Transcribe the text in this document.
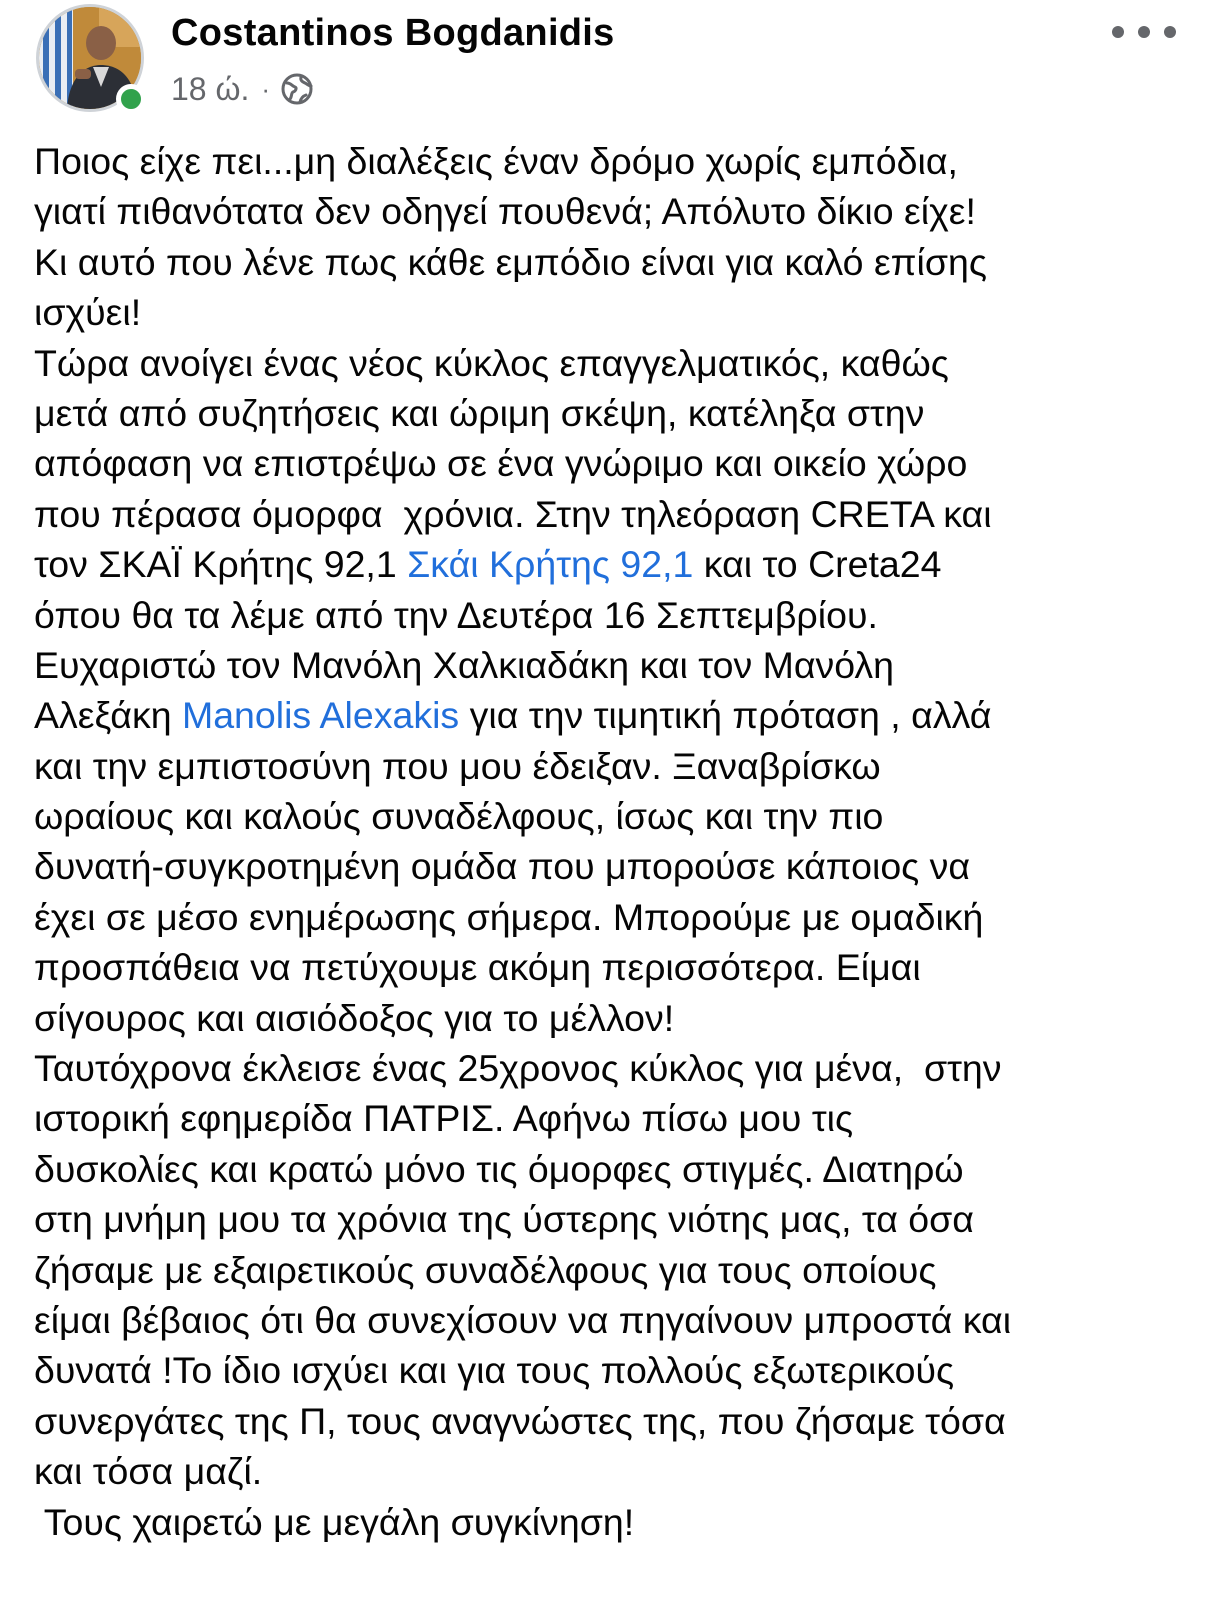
Costantinos Bogdanidis
18 ώ. ·
Ποιος είχε πει...μη διαλέξεις έναν δρόμο χωρίς εμπόδια,
γιατί πιθανότατα δεν οδηγεί πουθενά; Απόλυτο δίκιο είχε!
Κι αυτό που λένε πως κάθε εμπόδιο είναι για καλό επίσης
ισχύει!
Τώρα ανοίγει ένας νέος κύκλος επαγγελματικός, καθώς
μετά από συζητήσεις και ώριμη σκέψη, κατέληξα στην
απόφαση να επιστρέψω σε ένα γνώριμο και οικείο χώρο
που πέρασα όμορφα  χρόνια. Στην τηλεόραση CRETA και
τον ΣΚΑΪ Κρήτης 92,1 Σκάι Κρήτης 92,1 και το Creta24
όπου θα τα λέμε από την Δευτέρα 16 Σεπτεμβρίου.
Ευχαριστώ τον Μανόλη Χαλκιαδάκη και τον Μανόλη
Αλεξάκη Manolis Alexakis για την τιμητική πρόταση , αλλά
και την εμπιστοσύνη που μου έδειξαν. Ξαναβρίσκω
ωραίους και καλούς συναδέλφους, ίσως και την πιο
δυνατή-συγκροτημένη ομάδα που μπορούσε κάποιος να
έχει σε μέσο ενημέρωσης σήμερα. Μπορούμε με ομαδική
προσπάθεια να πετύχουμε ακόμη περισσότερα. Είμαι
σίγουρος και αισιόδοξος για το μέλλον!
Ταυτόχρονα έκλεισε ένας 25χρονος κύκλος για μένα,  στην
ιστορική εφημερίδα ΠΑΤΡΙΣ. Αφήνω πίσω μου τις
δυσκολίες και κρατώ μόνο τις όμορφες στιγμές. Διατηρώ
στη μνήμη μου τα χρόνια της ύστερης νιότης μας, τα όσα
ζήσαμε με εξαιρετικούς συναδέλφους για τους οποίους
είμαι βέβαιος ότι θα συνεχίσουν να πηγαίνουν μπροστά και
δυνατά !Το ίδιο ισχύει και για τους πολλούς εξωτερικούς
συνεργάτες της Π, τους αναγνώστες της, που ζήσαμε τόσα
και τόσα μαζί.
Τους χαιρετώ με μεγάλη συγκίνηση!
